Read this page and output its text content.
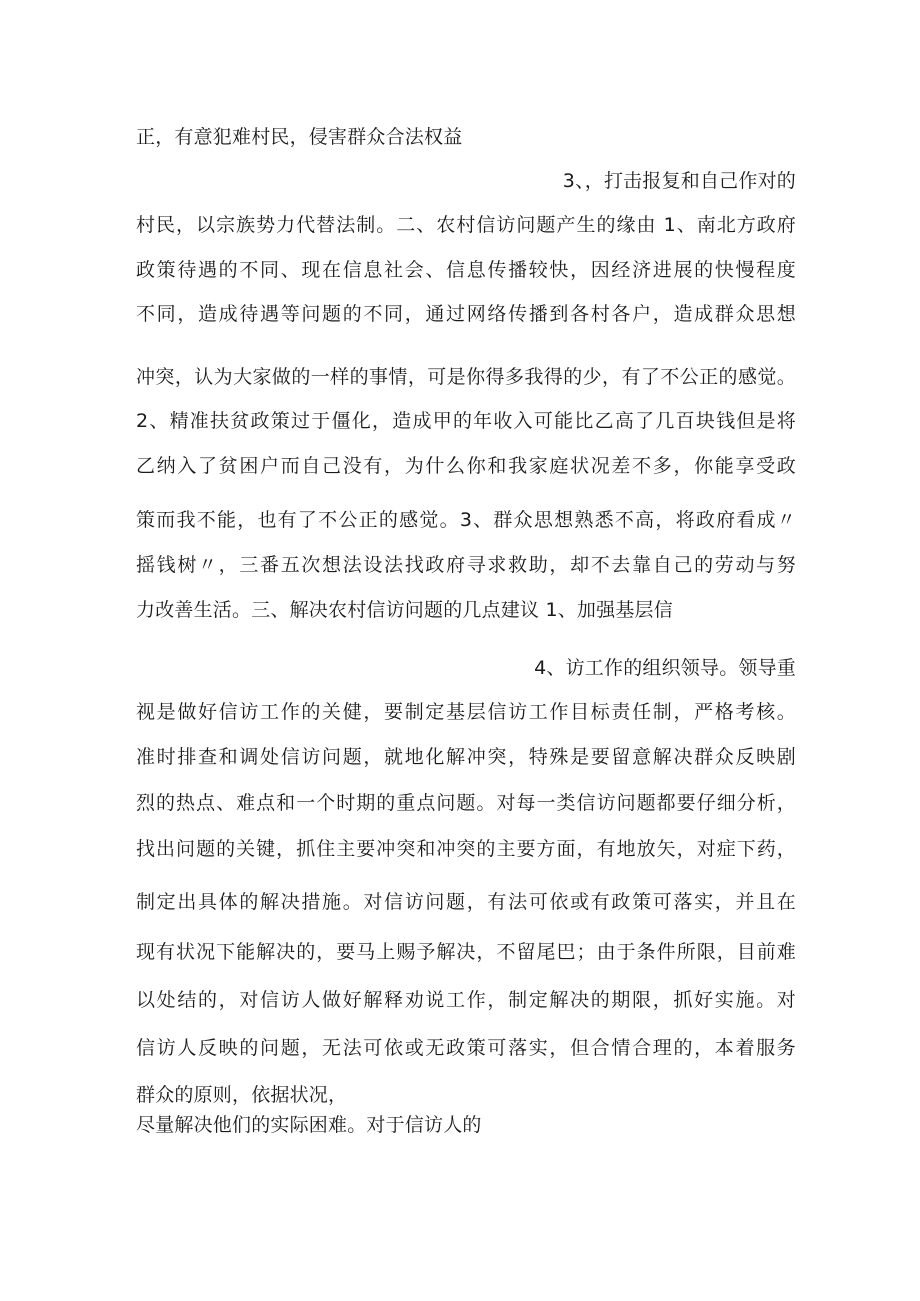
正，有意犯难村民，侵害群众合法权益
3、，打击报复和自己作对的
村民，以宗族势力代替法制。二、农村信访问题产生的缘由 1、南北方政府
政策待遇的不同、现在信息社会、信息传播较快，因经济进展的快慢程度
不同，造成待遇等问题的不同，通过网络传播到各村各户，造成群众思想
冲突，认为大家做的一样的事情，可是你得多我得的少，有了不公正的感觉。
2、精准扶贫政策过于僵化，造成甲的年收入可能比乙高了几百块钱但是将
乙纳入了贫困户而自己没有，为什么你和我家庭状况差不多，你能享受政
策而我不能，也有了不公正的感觉。3、群众思想熟悉不高，将政府看成〃
摇钱树〃，三番五次想法设法找政府寻求救助，却不去靠自己的劳动与努
力改善生活。三、解决农村信访问题的几点建议 1、加强基层信
4、访工作的组织领导。领导重
视是做好信访工作的关健，要制定基层信访工作目标责任制，严格考核。
准时排查和调处信访问题，就地化解冲突，特殊是要留意解决群众反映剧
烈的热点、难点和一个时期的重点问题。对每一类信访问题都要仔细分析，
找出问题的关键，抓住主要冲突和冲突的主要方面，有地放矢，对症下药，
制定出具体的解决措施。对信访问题，有法可依或有政策可落实，并且在
现有状况下能解决的，要马上赐予解决，不留尾巴；由于条件所限，目前难
以处结的，对信访人做好解释劝说工作，制定解决的期限，抓好实施。对
信访人反映的问题，无法可依或无政策可落实，但合情合理的，本着服务
群众的原则，依据状况，
尽量解决他们的实际困难。对于信访人的
